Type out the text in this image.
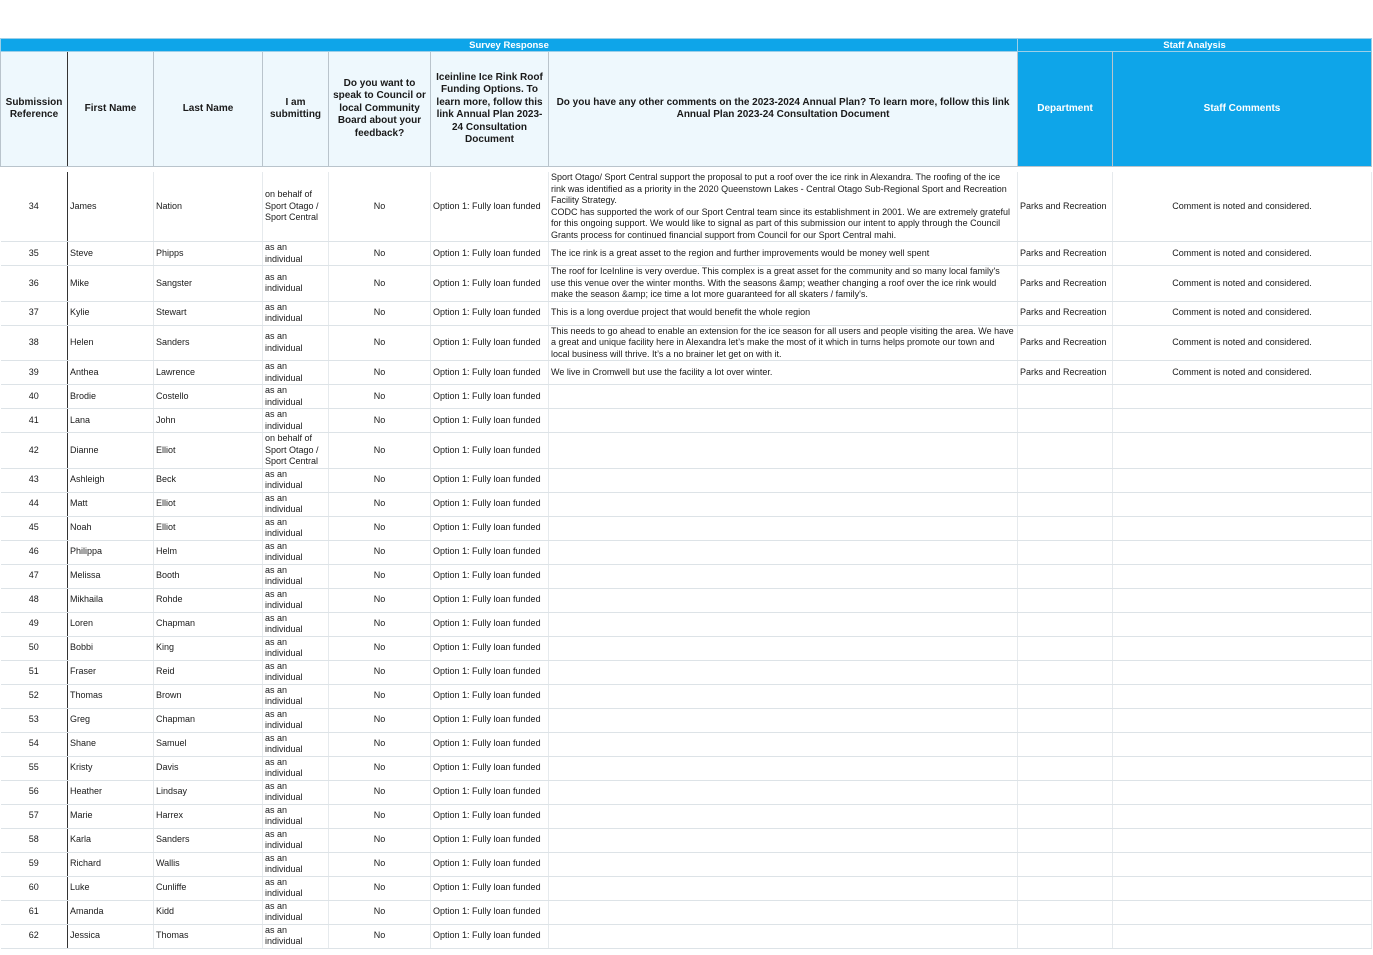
Survey Response							Staff Analysis	
Submission Reference	First Name	Last Name	I am submitting	Do you want to speak to Council or local Community Board about your feedback?	Iceinline Ice Rink Roof Funding Options. To learn more, follow this link Annual Plan 2023-24 Consultation Document	Do you have any other comments on the 2023-2024 Annual Plan? To learn more, follow this link Annual Plan 2023-24 Consultation Document	Department	Staff Comments

34	James	Nation	on behalf of Sport Otago / Sport Central	No	Option 1: Fully loan funded	Sport Otago/ Sport Central support the proposal to put a roof over the ice rink in Alexandra. The roofing of the ice rink was identified as a priority in the 2020 Queenstown Lakes - Central Otago Sub-Regional Sport and Recreation Facility Strategy.
CODC has supported the work of our Sport Central team since its establishment in 2001. We are extremely grateful for this ongoing support. We would like to signal as part of this submission our intent to apply through the Council Grants process for continued financial support from Council for our Sport Central mahi.	Parks and Recreation	Comment is noted and considered.
35	Steve	Phipps	as an individual	No	Option 1: Fully loan funded	The ice rink is a great asset to the region and further improvements would be money well spent	Parks and Recreation	Comment is noted and considered.
36	Mike	Sangster	as an individual	No	Option 1: Fully loan funded	The roof for IceInline is very overdue. This complex is a great asset for the community and so many local family's use this venue over the winter months. With the seasons &amp; weather changing a roof over the ice rink would make the season &amp; ice time a lot more guaranteed for all skaters / family's.	Parks and Recreation	Comment is noted and considered.
37	Kylie	Stewart	as an individual	No	Option 1: Fully loan funded	This is a long overdue project that would benefit the whole region	Parks and Recreation	Comment is noted and considered.
38	Helen	Sanders	as an individual	No	Option 1: Fully loan funded	This needs to go ahead to enable an extension for the ice season for all users and people visiting the area. We have a great and unique facility here in Alexandra let’s make the most of it which in turns helps promote our town and local business will thrive. It’s a no brainer let get on with it.	Parks and Recreation	Comment is noted and considered.
39	Anthea	Lawrence	as an individual	No	Option 1: Fully loan funded	We live in Cromwell but use the facility a lot over winter.	Parks and Recreation	Comment is noted and considered.
40	Brodie	Costello	as an individual	No	Option 1: Fully loan funded			
41	Lana	John	as an individual	No	Option 1: Fully loan funded			
42	Dianne	Elliot	on behalf of Sport Otago / Sport Central	No	Option 1: Fully loan funded			
43	Ashleigh	Beck	as an individual	No	Option 1: Fully loan funded			
44	Matt	Elliot	as an individual	No	Option 1: Fully loan funded			
45	Noah	Elliot	as an individual	No	Option 1: Fully loan funded			
46	Philippa	Helm	as an individual	No	Option 1: Fully loan funded			
47	Melissa	Booth	as an individual	No	Option 1: Fully loan funded			
48	Mikhaila	Rohde	as an individual	No	Option 1: Fully loan funded			
49	Loren	Chapman	as an individual	No	Option 1: Fully loan funded			
50	Bobbi	King	as an individual	No	Option 1: Fully loan funded			
51	Fraser	Reid	as an individual	No	Option 1: Fully loan funded			
52	Thomas	Brown	as an individual	No	Option 1: Fully loan funded			
53	Greg	Chapman	as an individual	No	Option 1: Fully loan funded			
54	Shane	Samuel	as an individual	No	Option 1: Fully loan funded			
55	Kristy	Davis	as an individual	No	Option 1: Fully loan funded			
56	Heather	Lindsay	as an individual	No	Option 1: Fully loan funded			
57	Marie	Harrex	as an individual	No	Option 1: Fully loan funded			
58	Karla	Sanders	as an individual	No	Option 1: Fully loan funded			
59	Richard	Wallis	as an individual	No	Option 1: Fully loan funded			
60	Luke	Cunliffe	as an individual	No	Option 1: Fully loan funded			
61	Amanda	Kidd	as an individual	No	Option 1: Fully loan funded			
62	Jessica	Thomas	as an individual	No	Option 1: Fully loan funded			
